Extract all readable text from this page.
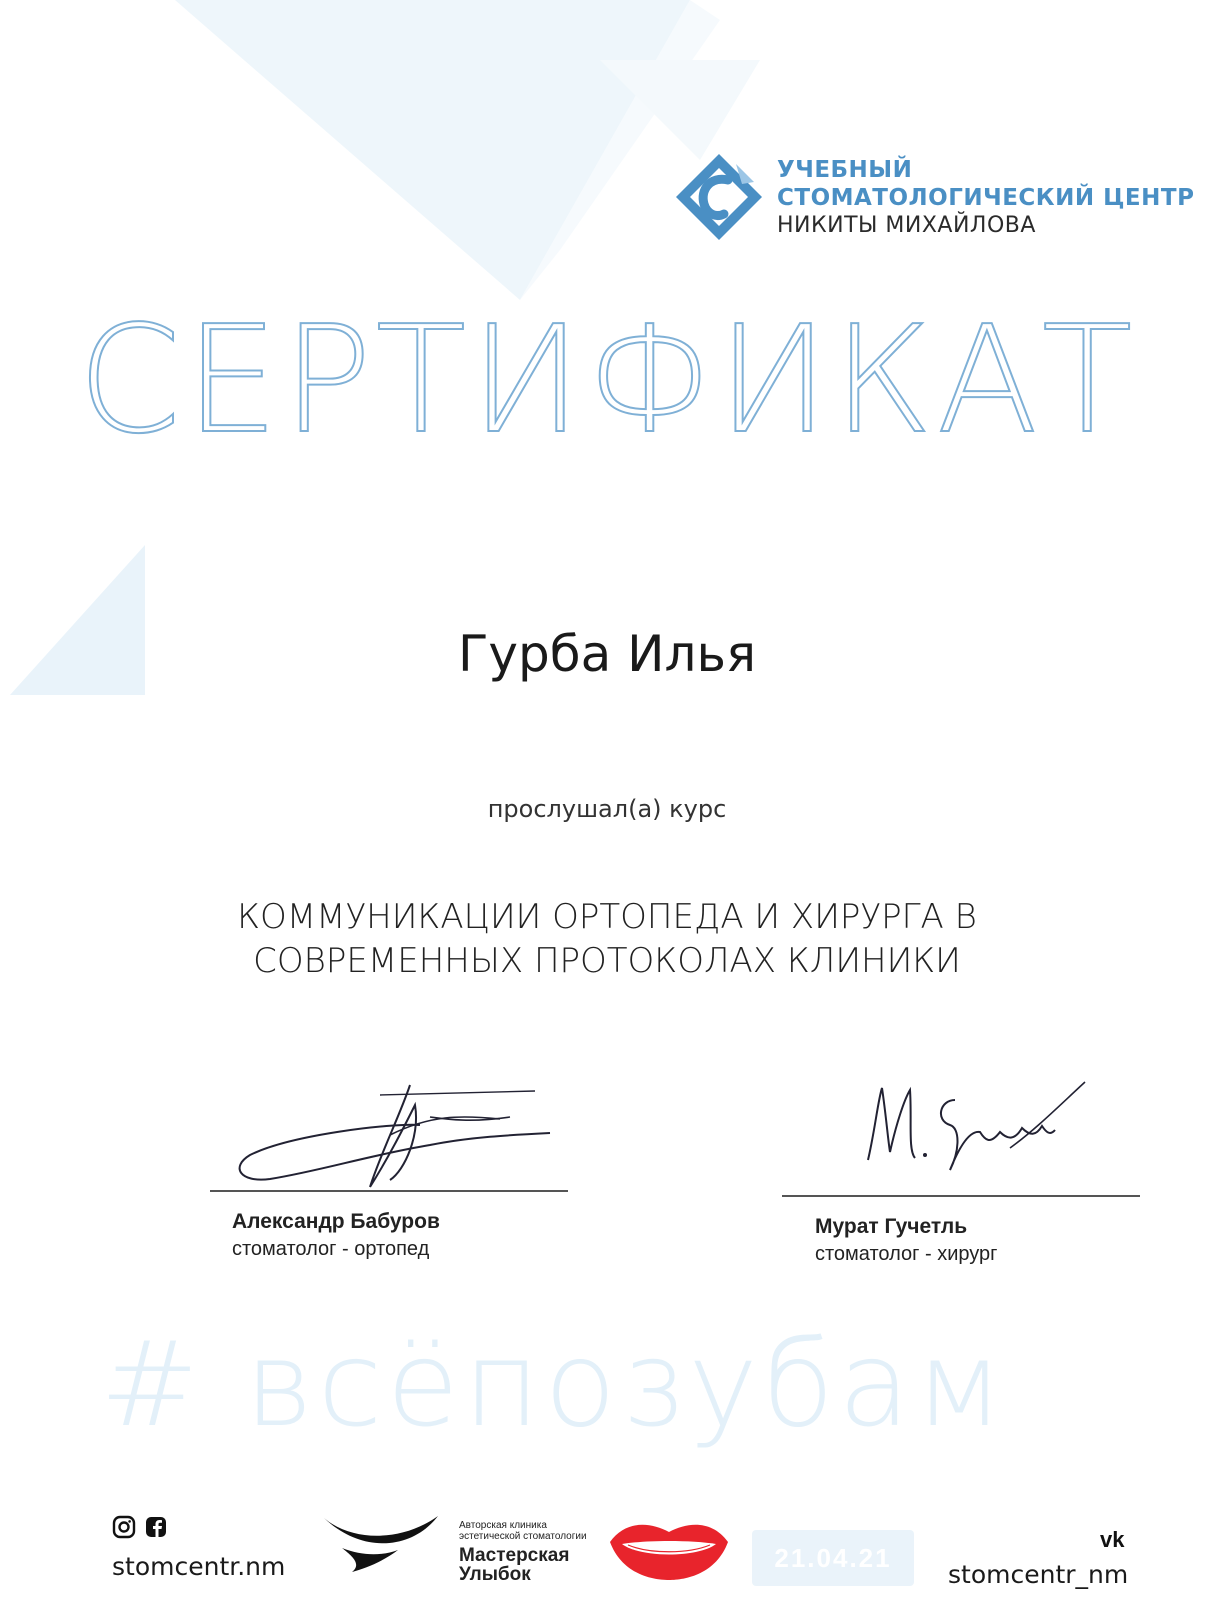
УЧЕБНЫЙ
СТОМАТОЛОГИЧЕСКИЙ ЦЕНТР
НИКИТЫ МИХАЙЛОВА
СЕРТИФИКАТ
Гурба Илья
прослушал(а) курс
КОММУНИКАЦИИ ОРТОПЕДА И ХИРУРГА В
СОВРЕМЕННЫХ ПРОТОКОЛАХ КЛИНИКИ
Александр Бабуров
стоматолог - ортопед
Мурат Гучетль
стоматолог - хирург
# всёпозубам
stomcentr.nm
Авторская клиника
эстетической стоматологии
Мастерская
Улыбок
21.04.21
vk
stomcentr_nm
